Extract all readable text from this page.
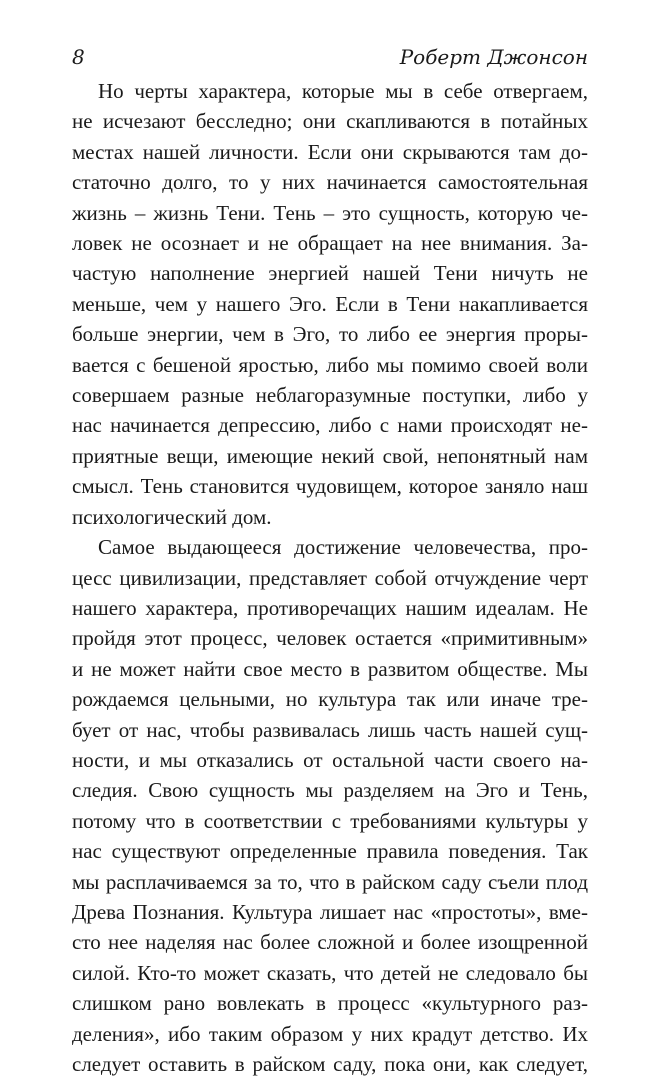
8	Роберт Джонсон

Но черты характера, которые мы в себе отвергаем,
не исчезают бесследно; они скапливаются в потайных
местах нашей личности. Если они скрываются там до-
статочно долго, то у них начинается самостоятельная
жизнь – жизнь Тени. Тень – это сущность, которую че-
ловек не осознает и не обращает на нее внимания. За-
частую наполнение энергией нашей Тени ничуть не
меньше, чем у нашего Эго. Если в Тени накапливается
больше энергии, чем в Эго, то либо ее энергия проры-
вается с бешеной яростью, либо мы помимо своей воли
совершаем разные неблагоразумные поступки, либо у
нас начинается депрессию, либо с нами происходят не-
приятные вещи, имеющие некий свой, непонятный нам
смысл. Тень становится чудовищем, которое заняло наш
психологический дом.

Самое выдающееся достижение человечества, про-
цесс цивилизации, представляет собой отчуждение черт
нашего характера, противоречащих нашим идеалам. Не
пройдя этот процесс, человек остается «примитивным»
и не может найти свое место в развитом обществе. Мы
рождаемся цельными, но культура так или иначе тре-
бует от нас, чтобы развивалась лишь часть нашей сущ-
ности, и мы отказались от остальной части своего на-
следия. Свою сущность мы разделяем на Эго и Тень,
потому что в соответствии с требованиями культуры у
нас существуют определенные правила поведения. Так
мы расплачиваемся за то, что в райском саду съели плод
Древа Познания. Культура лишает нас «простоты», вме-
сто нее наделяя нас более сложной и более изощренной
силой. Кто-то может сказать, что детей не следовало бы
слишком рано вовлекать в процесс «культурного раз-
деления», ибо таким образом у них крадут детство. Их
следует оставить в райском саду, пока они, как следует,
